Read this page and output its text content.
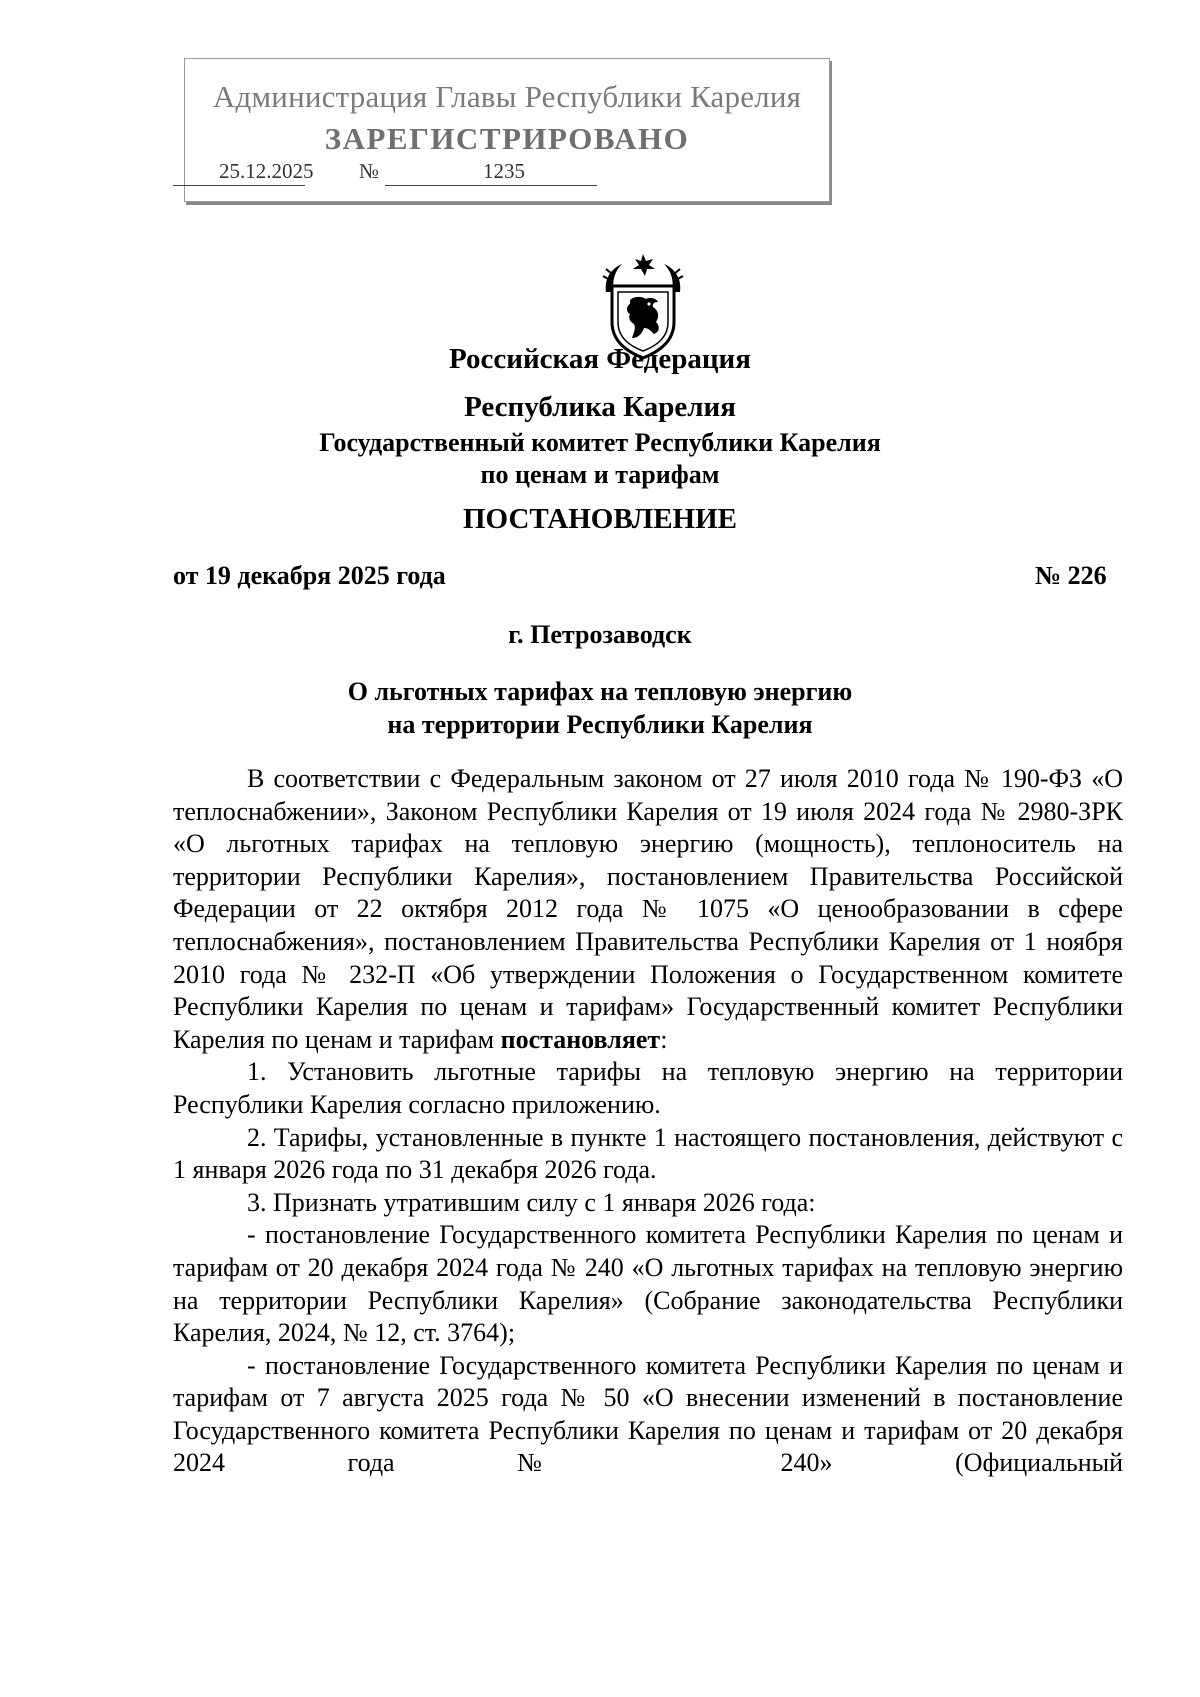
Администрация Главы Республики Карелия
ЗАРЕГИСТРИРОВАНО
25.12.2025 №	1235
Российская Федерация
Республика Карелия
Государственный комитет Республики Карелия
по ценам и тарифам
ПОСТАНОВЛЕНИЕ
от 19 декабря 2025 года	№ 226
г. Петрозаводск
О льготных тарифах на тепловую энергию
на территории Республики Карелия

В соответствии с Федеральным законом от 27 июля 2010 года № 190-ФЗ «О теплоснабжении», Законом Республики Карелия от 19 июля 2024 года № 2980-ЗРК «О льготных тарифах на тепловую энергию (мощность), теплоноситель на территории Республики Карелия», постановлением Правительства Российской Федерации от 22 октября 2012 года № 1075 «О ценообразовании в сфере теплоснабжения», постановлением Правительства Республики Карелия от 1 ноября 2010 года № 232-П «Об утверждении Положения о Государственном комитете Республики Карелия по ценам и тарифам» Государственный комитет Республики Карелия по ценам и тарифам постановляет:

1. Установить льготные тарифы на тепловую энергию на территории Республики Карелия согласно приложению.

2. Тарифы, установленные в пункте 1 настоящего постановления, действуют с 1 января 2026 года по 31 декабря 2026 года.

3. Признать утратившим силу с 1 января 2026 года:

- постановление Государственного комитета Республики Карелия по ценам и тарифам от 20 декабря 2024 года № 240 «О льготных тарифах на тепловую энергию на территории Республики Карелия» (Собрание законодательства Республики Карелия, 2024, № 12, ст. 3764);

- постановление Государственного комитета Республики Карелия по ценам и тарифам от 7 августа 2025 года № 50 «О внесении изменений в постановление Государственного комитета Республики Карелия по ценам и тарифам от 20 декабря 2024 года № 240» (Официальный
